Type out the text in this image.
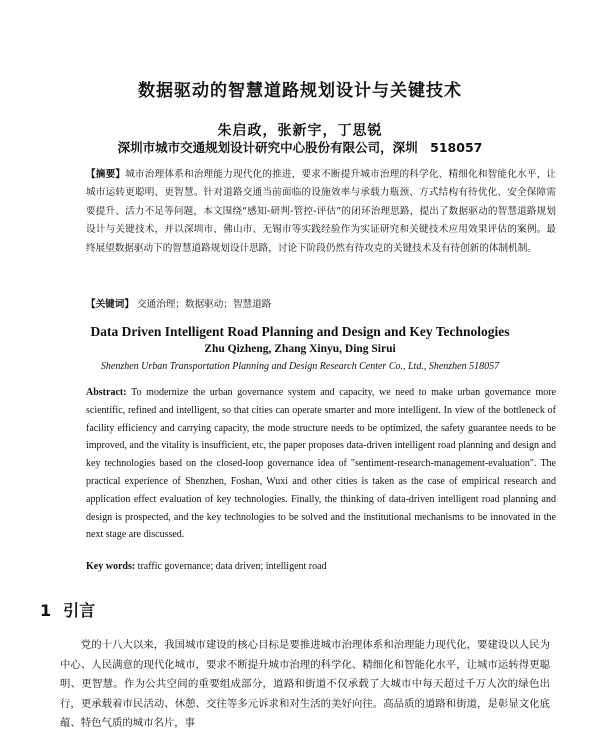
数据驱动的智慧道路规划设计与关键技术
朱启政，张新宇，丁思锐
深圳市城市交通规划设计研究中心股份有限公司，深圳　518057
【摘要】城市治理体系和治理能力现代化的推进，要求不断提升城市治理的科学化、精细化和智能化水平，让城市运转更聪明、更智慧。针对道路交通当前面临的设施效率与承载力瓶颈、方式结构有待优化、安全保障需要提升、活力不足等问题，本文围绕“感知-研判-管控-评估”的闭环治理思路，提出了数据驱动的智慧道路规划设计与关键技术，并以深圳市、佛山市、无锡市等实践经验作为实证研究和关键技术应用效果评估的案例。最终展望数据驱动下的智慧道路规划设计思路，讨论下阶段仍然有待攻克的关键技术及有待创新的体制机制。
【关键词】 交通治理；数据驱动；智慧道路
Data Driven Intelligent Road Planning and Design and Key Technologies
Zhu Qizheng, Zhang Xinyu, Ding Sirui
Shenzhen Urban Transportation Planning and Design Research Center Co., Ltd., Shenzhen 518057
Abstract: To modernize the urban governance system and capacity, we need to make urban governance more scientific, refined and intelligent, so that cities can operate smarter and more intelligent. In view of the bottleneck of facility efficiency and carrying capacity, the mode structure needs to be optimized, the safety guarantee needs to be improved, and the vitality is insufficient, etc, the paper proposes data-driven intelligent road planning and design and key technologies based on the closed-loop governance idea of "sentiment-research-management-evaluation". The practical experience of Shenzhen, Foshan, Wuxi and other cities is taken as the case of empirical research and application effect evaluation of key technologies. Finally, the thinking of data-driven intelligent road planning and design is prospected, and the key technologies to be solved and the institutional mechanisms to be innovated in the next stage are discussed.
Key words: traffic governance; data driven; intelligent road
1 引言
党的十八大以来，我国城市建设的核心目标是要推进城市治理体系和治理能力现代化，要建设以人民为中心、人民满意的现代化城市，要求不断提升城市治理的科学化、精细化和智能化水平，让城市运转得更聪明、更智慧。作为公共空间的重要组成部分，道路和街道不仅承载了大城市中每天超过千万人次的绿色出行，更承载着市民活动、休憩、交往等多元诉求和对生活的美好向往。高品质的道路和街道，是彰显文化底蕴、特色气质的城市名片，事
